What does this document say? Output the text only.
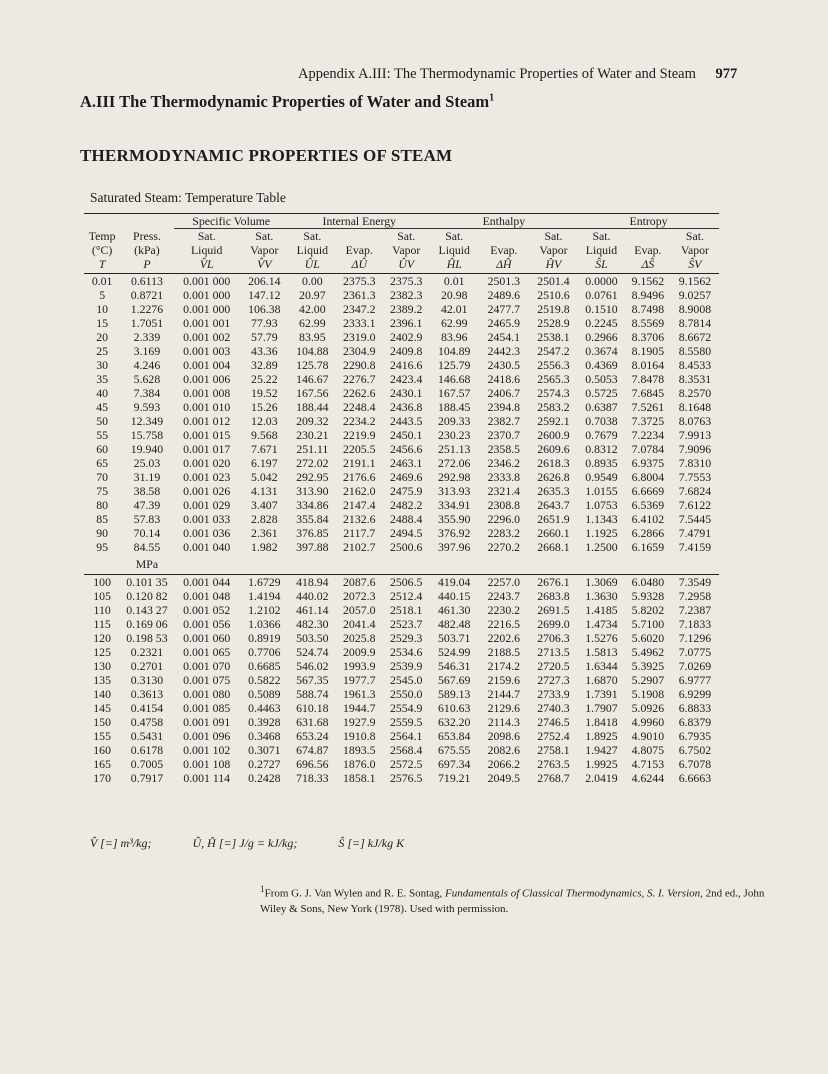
Appendix A.III: The Thermodynamic Properties of Water and Steam 977
A.III The Thermodynamic Properties of Water and Steam$^1$
THERMODYNAMIC PROPERTIES OF STEAM
Saturated Steam: Temperature Table
		Specific Volume		Internal Energy			Enthalpy			Entropy		
Temp	Press.	Sat.	Sat.	Sat.		Sat.	Sat.		Sat.	Sat.		Sat.
(°C)	(kPa)	Liquid	Vapor	Liquid	Evap.	Vapor	Liquid	Evap.	Vapor	Liquid	Evap.	Vapor
T	P	V̂L	V̂V	ÛL	ΔÛ	ÛV	ĤL	ΔĤ	ĤV	ŜL	ΔŜ	ŜV
0.01	0.6113	0.001 000	206.14	0.00	2375.3	2375.3	0.01	2501.3	2501.4	0.0000	9.1562	9.1562
5	0.8721	0.001 000	147.12	20.97	2361.3	2382.3	20.98	2489.6	2510.6	0.0761	8.9496	9.0257
10	1.2276	0.001 000	106.38	42.00	2347.2	2389.2	42.01	2477.7	2519.8	0.1510	8.7498	8.9008
15	1.7051	0.001 001	77.93	62.99	2333.1	2396.1	62.99	2465.9	2528.9	0.2245	8.5569	8.7814
20	2.339	0.001 002	57.79	83.95	2319.0	2402.9	83.96	2454.1	2538.1	0.2966	8.3706	8.6672
25	3.169	0.001 003	43.36	104.88	2304.9	2409.8	104.89	2442.3	2547.2	0.3674	8.1905	8.5580
30	4.246	0.001 004	32.89	125.78	2290.8	2416.6	125.79	2430.5	2556.3	0.4369	8.0164	8.4533
35	5.628	0.001 006	25.22	146.67	2276.7	2423.4	146.68	2418.6	2565.3	0.5053	7.8478	8.3531
40	7.384	0.001 008	19.52	167.56	2262.6	2430.1	167.57	2406.7	2574.3	0.5725	7.6845	8.2570
45	9.593	0.001 010	15.26	188.44	2248.4	2436.8	188.45	2394.8	2583.2	0.6387	7.5261	8.1648
50	12.349	0.001 012	12.03	209.32	2234.2	2443.5	209.33	2382.7	2592.1	0.7038	7.3725	8.0763
55	15.758	0.001 015	9.568	230.21	2219.9	2450.1	230.23	2370.7	2600.9	0.7679	7.2234	7.9913
60	19.940	0.001 017	7.671	251.11	2205.5	2456.6	251.13	2358.5	2609.6	0.8312	7.0784	7.9096
65	25.03	0.001 020	6.197	272.02	2191.1	2463.1	272.06	2346.2	2618.3	0.8935	6.9375	7.8310
70	31.19	0.001 023	5.042	292.95	2176.6	2469.6	292.98	2333.8	2626.8	0.9549	6.8004	7.7553
75	38.58	0.001 026	4.131	313.90	2162.0	2475.9	313.93	2321.4	2635.3	1.0155	6.6669	7.6824
80	47.39	0.001 029	3.407	334.86	2147.4	2482.2	334.91	2308.8	2643.7	1.0753	6.5369	7.6122
85	57.83	0.001 033	2.828	355.84	2132.6	2488.4	355.90	2296.0	2651.9	1.1343	6.4102	7.5445
90	70.14	0.001 036	2.361	376.85	2117.7	2494.5	376.92	2283.2	2660.1	1.1925	6.2866	7.4791
95	84.55	0.001 040	1.982	397.88	2102.7	2500.6	397.96	2270.2	2668.1	1.2500	6.1659	7.4159
	MPa											
100	0.101 35	0.001 044	1.6729	418.94	2087.6	2506.5	419.04	2257.0	2676.1	1.3069	6.0480	7.3549
105	0.120 82	0.001 048	1.4194	440.02	2072.3	2512.4	440.15	2243.7	2683.8	1.3630	5.9328	7.2958
110	0.143 27	0.001 052	1.2102	461.14	2057.0	2518.1	461.30	2230.2	2691.5	1.4185	5.8202	7.2387
115	0.169 06	0.001 056	1.0366	482.30	2041.4	2523.7	482.48	2216.5	2699.0	1.4734	5.7100	7.1833
120	0.198 53	0.001 060	0.8919	503.50	2025.8	2529.3	503.71	2202.6	2706.3	1.5276	5.6020	7.1296
125	0.2321	0.001 065	0.7706	524.74	2009.9	2534.6	524.99	2188.5	2713.5	1.5813	5.4962	7.0775
130	0.2701	0.001 070	0.6685	546.02	1993.9	2539.9	546.31	2174.2	2720.5	1.6344	5.3925	7.0269
135	0.3130	0.001 075	0.5822	567.35	1977.7	2545.0	567.69	2159.6	2727.3	1.6870	5.2907	6.9777
140	0.3613	0.001 080	0.5089	588.74	1961.3	2550.0	589.13	2144.7	2733.9	1.7391	5.1908	6.9299
145	0.4154	0.001 085	0.4463	610.18	1944.7	2554.9	610.63	2129.6	2740.3	1.7907	5.0926	6.8833
150	0.4758	0.001 091	0.3928	631.68	1927.9	2559.5	632.20	2114.3	2746.5	1.8418	4.9960	6.8379
155	0.5431	0.001 096	0.3468	653.24	1910.8	2564.1	653.84	2098.6	2752.4	1.8925	4.9010	6.7935
160	0.6178	0.001 102	0.3071	674.87	1893.5	2568.4	675.55	2082.6	2758.1	1.9427	4.8075	6.7502
165	0.7005	0.001 108	0.2727	696.56	1876.0	2572.5	697.34	2066.2	2763.5	1.9925	4.7153	6.7078
170	0.7917	0.001 114	0.2428	718.33	1858.1	2576.5	719.21	2049.5	2768.7	2.0419	4.6244	6.6663
V̂ [=] m³/kg;	Û, Ĥ [=] J/g = kJ/kg;	Ŝ [=] kJ/kg K
$^1$From G. J. Van Wylen and R. E. Sontag, Fundamentals of Classical Thermodynamics, S. I. Version, 2nd ed., John Wiley & Sons, New York (1978). Used with permission.
